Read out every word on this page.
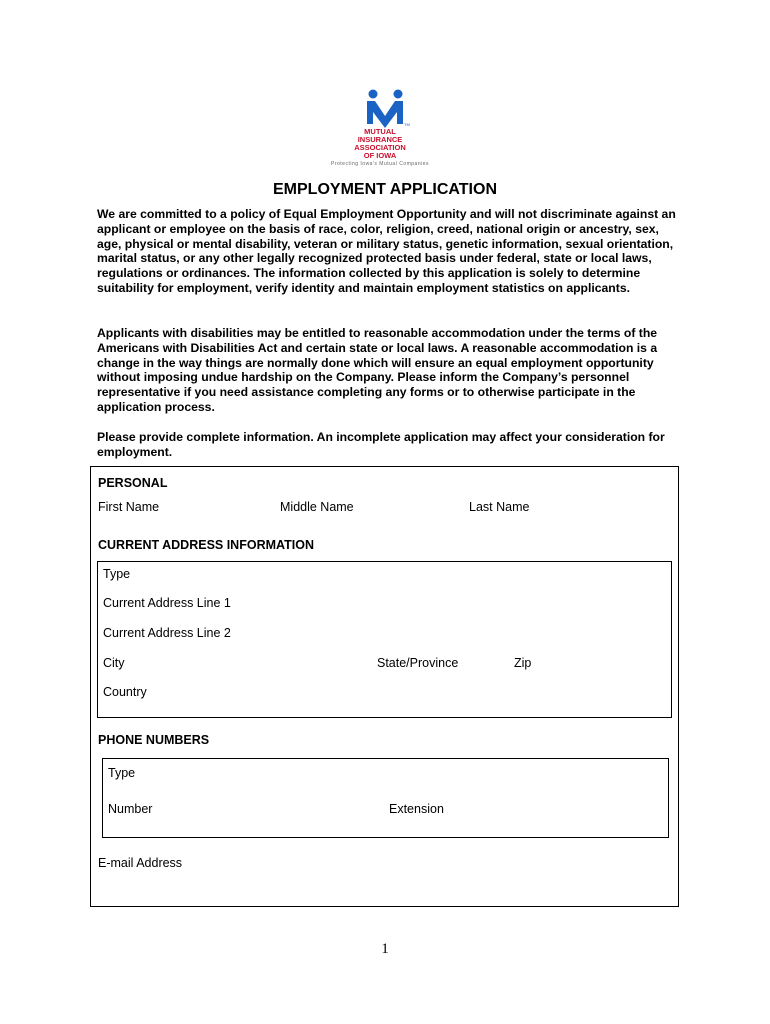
TM
MUTUAL
INSURANCE
ASSOCIATION
OF IOWA
Protecting Iowa's Mutual Companies
EMPLOYMENT APPLICATION
We are committed to a policy of Equal Employment Opportunity and will not discriminate against an applicant or employee on the basis of race, color, religion, creed, national origin or ancestry, sex, age, physical or mental disability, veteran or military status, genetic information, sexual orientation, marital status, or any other legally recognized protected basis under federal, state or local laws, regulations or ordinances. The information collected by this application is solely to determine suitability for employment, verify identity and maintain employment statistics on applicants.
Applicants with disabilities may be entitled to reasonable accommodation under the terms of the Americans with Disabilities Act and certain state or local laws. A reasonable accommodation is a change in the way things are normally done which will ensure an equal employment opportunity without imposing undue hardship on the Company. Please inform the Company’s personnel representative if you need assistance completing any forms or to otherwise participate in the application process.
Please provide complete information. An incomplete application may affect your consideration for employment.
PERSONAL
First Name	Middle Name	Last Name
CURRENT ADDRESS INFORMATION
Type
Current Address Line 1
Current Address Line 2
City	State/Province	Zip
Country
PHONE NUMBERS
Type
Number	Extension
E-mail Address
1
